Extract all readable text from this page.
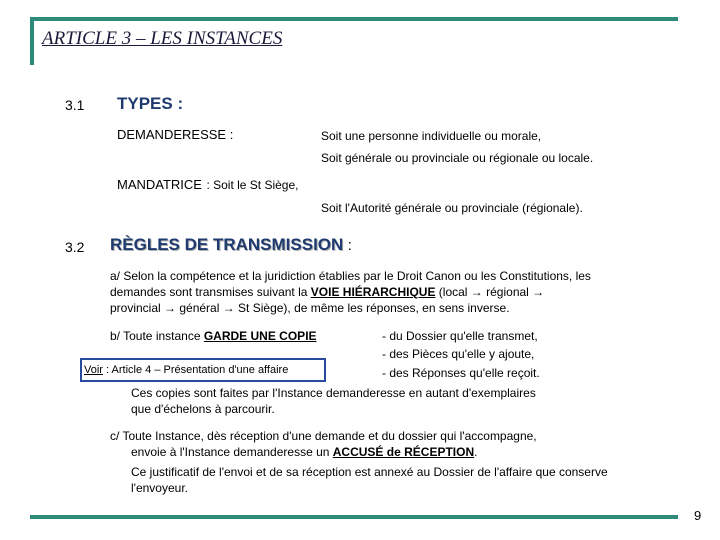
ARTICLE 3 – LES INSTANCES
3.1 TYPES :
DEMANDERESSE :	Soit une personne individuelle ou morale,
Soit générale ou provinciale ou régionale ou locale.
MANDATRICE : Soit le St Siège,
Soit l'Autorité générale ou provinciale (régionale).
3.2 RÈGLES DE TRANSMISSION :
a/ Selon la compétence et la juridiction établies par le Droit Canon ou les Constitutions, les
demandes sont transmises suivant la VOIE HIÉRARCHIQUE (local → régional →
provincial → général → St Siège), de même les réponses, en sens inverse.
b/ Toute instance GARDE UNE COPIE	- du Dossier qu'elle transmet,
- des Pièces qu'elle y ajoute,
- des Réponses qu'elle reçoit.
Voir : Article 4 – Présentation d'une affaire
Ces copies sont faites par l'Instance demanderesse en autant d'exemplaires
que d'échelons à parcourir.
c/ Toute Instance, dès réception d'une demande et du dossier qui l'accompagne,
envoie à l'Instance demanderesse un ACCUSÉ de RÉCEPTION.
Ce justificatif de l'envoi et de sa réception est annexé au Dossier de l'affaire que conserve
l'envoyeur.
9
